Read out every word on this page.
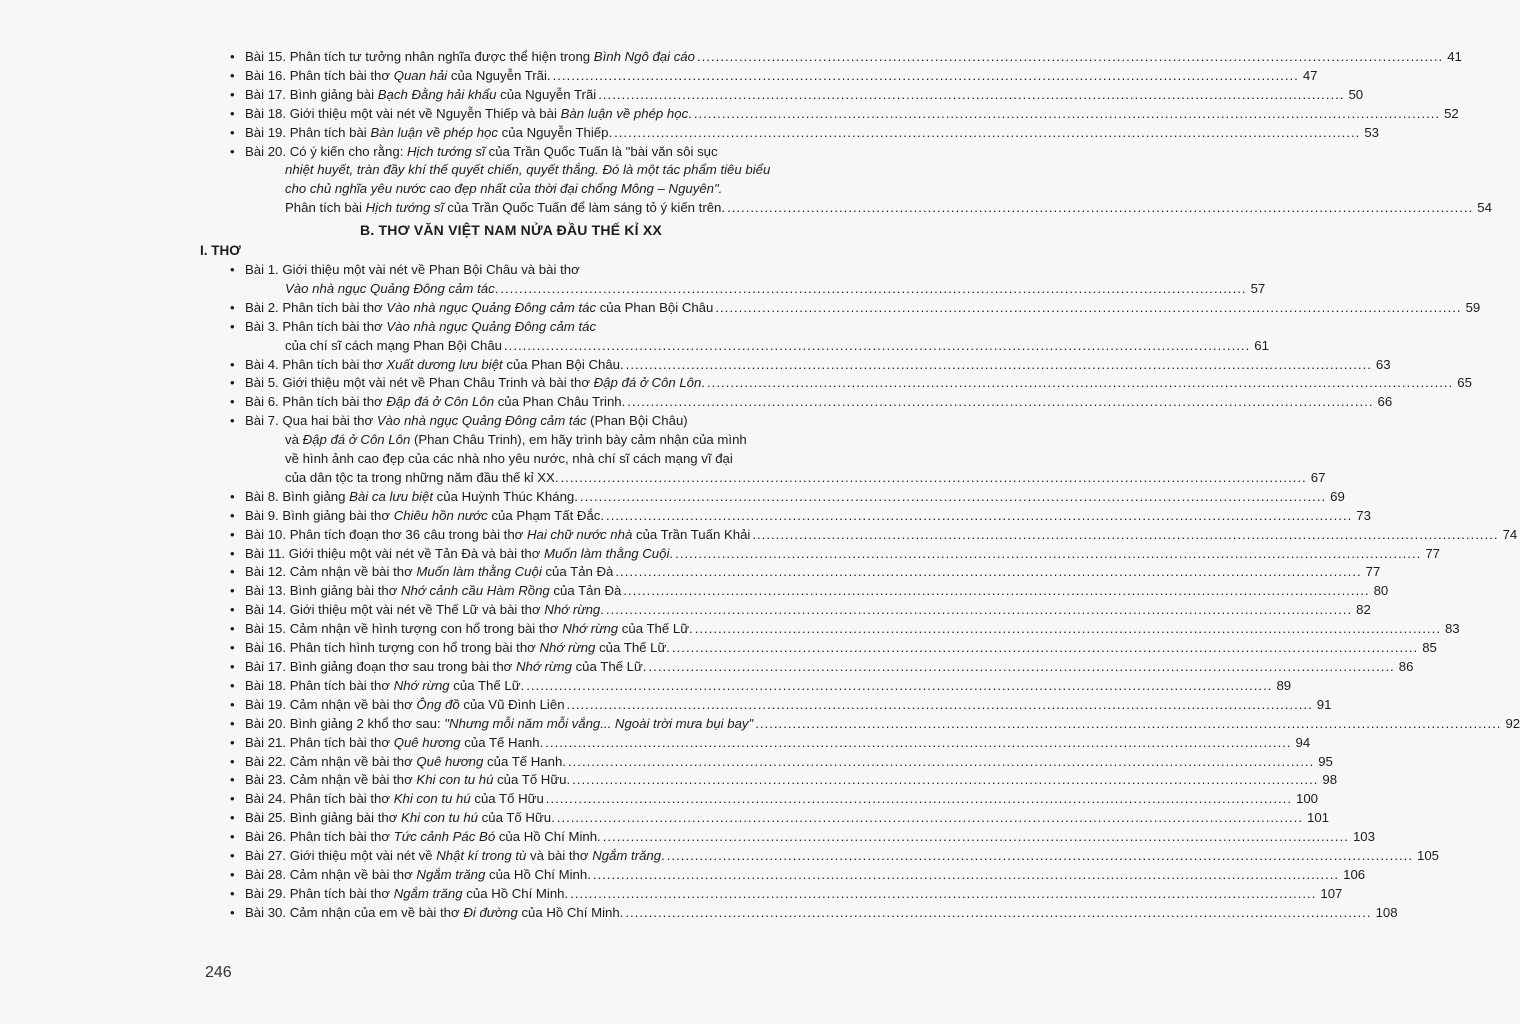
• Bài 15. Phân tích tư tưởng nhân nghĩa được thể hiện trong Bình Ngô đại cáo .....	41
• Bài 16. Phân tích bài thơ Quan hải của Nguyễn Trãi. .....	47
• Bài 17. Bình giảng bài Bạch Đằng hải khẩu của Nguyễn Trãi .....	50
• Bài 18. Giới thiệu một vài nét về Nguyễn Thiếp và bài Bàn luận về phép học. .....	52
• Bài 19. Phân tích bài Bàn luận về phép học của Nguyễn Thiếp. .....	53
• Bài 20. Có ý kiến cho rằng: Hịch tướng sĩ của Trần Quốc Tuấn là "bài văn sôi sục
nhiệt huyết, tràn đầy khí thế quyết chiến, quyết thắng. Đó là một tác phẩm tiêu biểu
cho chủ nghĩa yêu nước cao đẹp nhất của thời đại chống Mông – Nguyên".
Phân tích bài Hịch tướng sĩ của Trần Quốc Tuấn để làm sáng tỏ ý kiến trên. .....	54
B. THƠ VĂN VIỆT NAM NỬA ĐẦU THẾ KỈ XX
I. THƠ
• Bài 1. Giới thiệu một vài nét về Phan Bội Châu và bài thơ
Vào nhà ngục Quảng Đông cảm tác. .....	57
• Bài 2. Phân tích bài thơ Vào nhà ngục Quảng Đông cảm tác của Phan Bội Châu .....	59
• Bài 3. Phân tích bài thơ Vào nhà ngục Quảng Đông cảm tác
của chí sĩ cách mạng Phan Bội Châu .....	61
• Bài 4. Phân tích bài thơ Xuất dương lưu biệt của Phan Bội Châu. .....	63
• Bài 5. Giới thiệu một vài nét về Phan Châu Trinh và bài thơ Đập đá ở Côn Lôn. .....	65
• Bài 6. Phân tích bài thơ Đập đá ở Côn Lôn của Phan Châu Trinh. .....	66
• Bài 7. Qua hai bài thơ Vào nhà ngục Quảng Đông cảm tác (Phan Bội Châu)
và Đập đá ở Côn Lôn (Phan Châu Trinh), em hãy trình bày cảm nhận của mình
về hình ảnh cao đẹp của các nhà nho yêu nước, nhà chí sĩ cách mạng vĩ đại
của dân tộc ta trong những năm đầu thế kỉ XX. .....	67
• Bài 8. Bình giảng Bài ca lưu biệt của Huỳnh Thúc Kháng. .....	69
• Bài 9. Bình giảng bài thơ Chiêu hồn nước của Phạm Tất Đắc. .....	73
• Bài 10. Phân tích đoạn thơ 36 câu trong bài thơ Hai chữ nước nhà của Trần Tuấn Khải .....	74
• Bài 11. Giới thiệu một vài nét về Tản Đà và bài thơ Muốn làm thằng Cuội. .....	77
• Bài 12. Cảm nhận về bài thơ Muốn làm thằng Cuội của Tản Đà .....	77
• Bài 13. Bình giảng bài thơ Nhớ cảnh cầu Hàm Rồng của Tản Đà .....	80
• Bài 14. Giới thiệu một vài nét về Thế Lữ và bài thơ Nhớ rừng. .....	82
• Bài 15. Cảm nhận về hình tượng con hổ trong bài thơ Nhớ rừng của Thế Lữ. .....	83
• Bài 16. Phân tích hình tượng con hổ trong bài thơ Nhớ rừng của Thế Lữ. .....	85
• Bài 17. Bình giảng đoạn thơ sau trong bài thơ Nhớ rừng của Thế Lữ. .....	86
• Bài 18. Phân tích bài thơ Nhớ rừng của Thế Lữ. .....	89
• Bài 19. Cảm nhận về bài thơ Ông đồ của Vũ Đình Liên .....	91
• Bài 20. Bình giảng 2 khổ thơ sau: "Nhưng mỗi năm mỗi vắng... Ngoài trời mưa bụi bay" .....	92
• Bài 21. Phân tích bài thơ Quê hương của Tế Hanh. .....	94
• Bài 22. Cảm nhận về bài thơ Quê hương của Tế Hanh. .....	95
• Bài 23. Cảm nhận về bài thơ Khi con tu hú của Tố Hữu. .....	98
• Bài 24. Phân tích bài thơ Khi con tu hú của Tố Hữu .....	100
• Bài 25. Bình giảng bài thơ Khi con tu hú của Tố Hữu. .....	101
• Bài 26. Phân tích bài thơ Tức cảnh Pác Bó của Hồ Chí Minh. .....	103
• Bài 27. Giới thiệu một vài nét về Nhật kí trong tù và bài thơ Ngắm trăng. .....	105
• Bài 28. Cảm nhận về bài thơ Ngắm trăng của Hồ Chí Minh. .....	106
• Bài 29. Phân tích bài thơ Ngắm trăng của Hồ Chí Minh. .....	107
• Bài 30. Cảm nhận của em về bài thơ Đi đường của Hồ Chí Minh. .....	108
246
